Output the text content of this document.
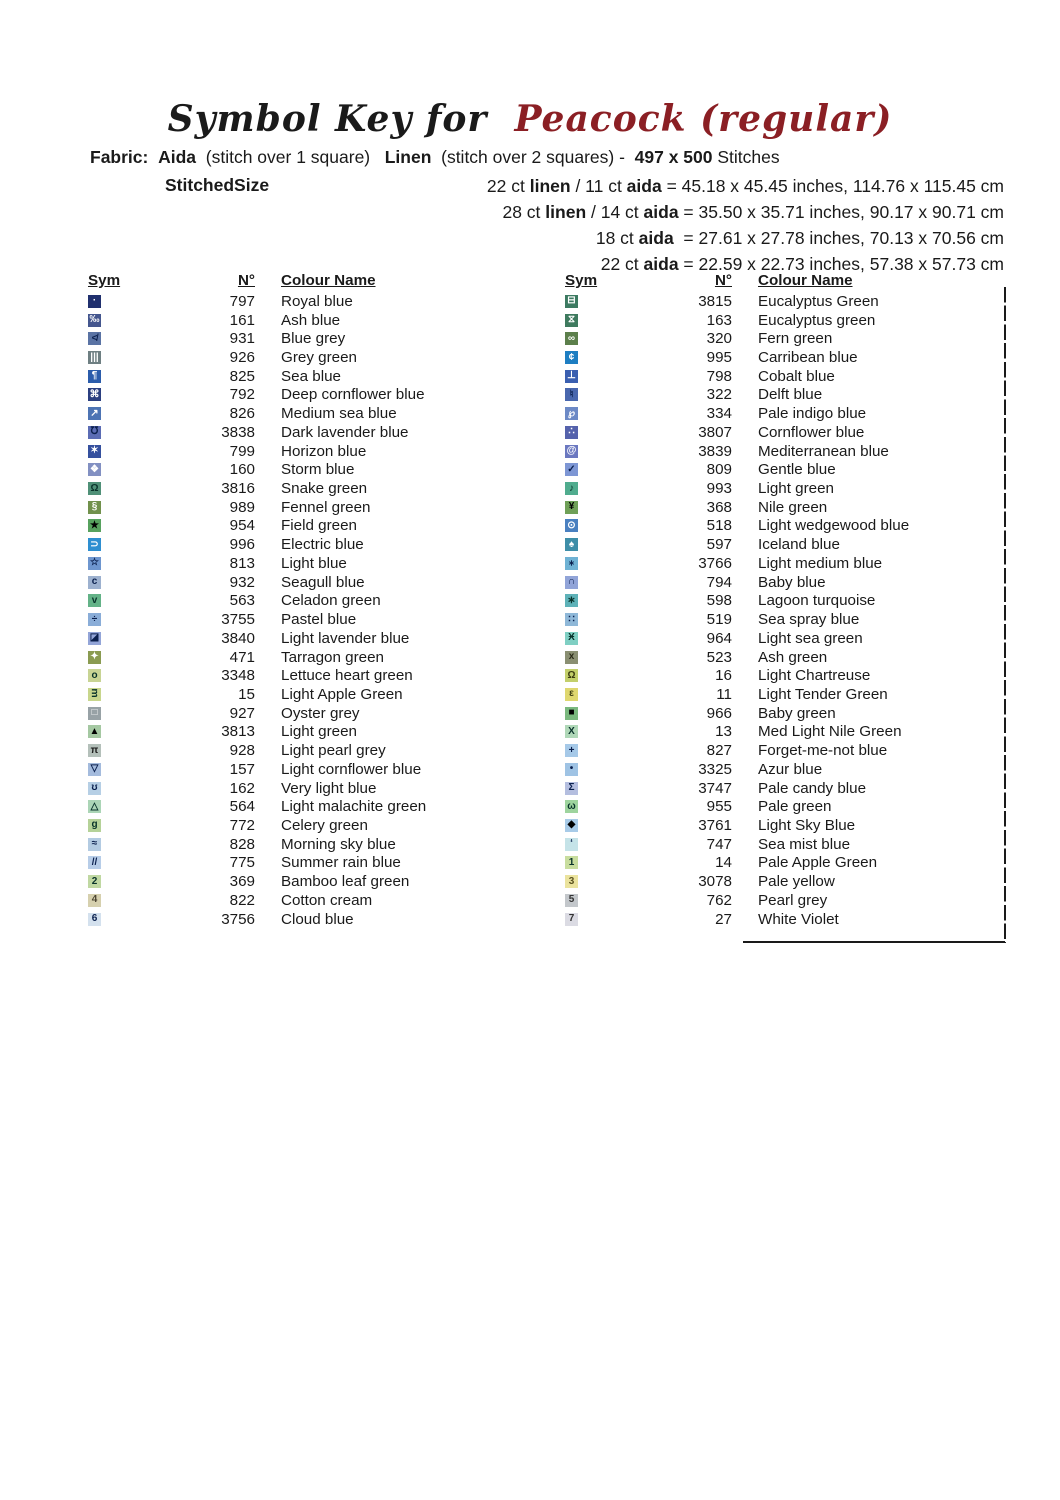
Symbol Key for  Peacock (regular)
Fabric: Aida  (stitch over 1 square)   Linen  (stitch over 2 squares) -  497 x 500 Stitches
StitchedSize	22 ct linen / 11 ct aida = 45.18 x 45.45 inches, 114.76 x 115.45 cm
28 ct linen / 14 ct aida = 35.50 x 35.71 inches, 90.17 x 90.71 cm
18 ct aida  = 27.61 x 27.78 inches, 70.13 x 70.56 cm
22 ct aida = 22.59 x 22.73 inches, 57.38 x 57.73 cm
Sym	N°	Colour Name
·	797	Royal blue
‰	161	Ash blue
≮	931	Blue grey
|||	926	Grey green
¶	825	Sea blue
⌘	792	Deep cornflower blue
↗	826	Medium sea blue
℧	3838	Dark lavender blue
✶	799	Horizon blue
❖	160	Storm blue
Ω	3816	Snake green
§	989	Fennel green
★	954	Field green
⊃	996	Electric blue
☆	813	Light blue
c	932	Seagull blue
v	563	Celadon green
÷	3755	Pastel blue
◪	3840	Light lavender blue
✦	471	Tarragon green
o	3348	Lettuce heart green
ᴟ	15	Light Apple Green
□	927	Oyster grey
▲	3813	Light green
π	928	Light pearl grey
▽	157	Light cornflower blue
ʊ	162	Very light blue
△	564	Light malachite green
g	772	Celery green
≈	828	Morning sky blue
//	775	Summer rain blue
2	369	Bamboo leaf green
4	822	Cotton cream
6	3756	Cloud blue
Sym	N°	Colour Name
⊟	3815	Eucalyptus Green
⧖	163	Eucalyptus green
∞	320	Fern green
¢	995	Carribean blue
⊥	798	Cobalt blue
♮	322	Delft blue
℘	334	Pale indigo blue
∴	3807	Cornflower blue
@	3839	Mediterranean blue
✓	809	Gentle blue
♪	993	Light green
¥	368	Nile green
⊙	518	Light wedgewood blue
♠	597	Iceland blue
⁎	3766	Light medium blue
∩	794	Baby blue
∗	598	Lagoon turquoise
∷	519	Sea spray blue
Ӿ	964	Light sea green
x	523	Ash green
Ω	16	Light Chartreuse
ε	11	Light Tender Green
■	966	Baby green
X	13	Med Light Nile Green
+	827	Forget-me-not blue
•	3325	Azur blue
Σ	3747	Pale candy blue
ω	955	Pale green
◆	3761	Light Sky Blue
‘	747	Sea mist blue
1	14	Pale Apple Green
3	3078	Pale yellow
5	762	Pearl grey
7	27	White Violet
